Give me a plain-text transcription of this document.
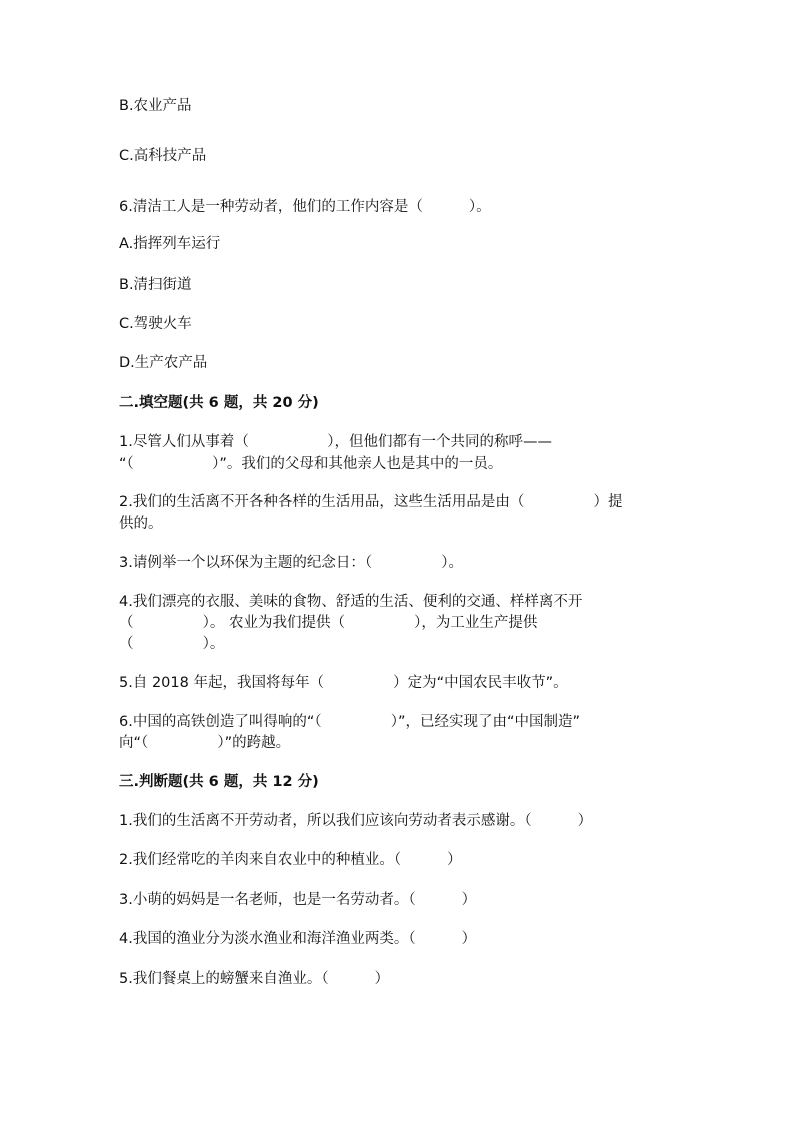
B.农业产品
C.高科技产品
6.清洁工人是一种劳动者，他们的工作内容是（          ）。
A.指挥列车运行
B.清扫街道
C.驾驶火车
D.生产农产品
二.填空题(共 6 题，共 20 分)
1.尽管人们从事着（                 ），但他们都有一个共同的称呼——
“（                 ）”。我们的父母和其他亲人也是其中的一员。
2.我们的生活离不开各种各样的生活用品，这些生活用品是由（               ）提
供的。
3.请例举一个以环保为主题的纪念日：（               ）。
4.我们漂亮的衣服、美味的食物、舒适的生活、便利的交通、样样离不开
（               ）。 农业为我们提供（               ），为工业生产提供
（               ）。
5.自 2018 年起，我国将每年（               ）定为“中国农民丰收节”。
6.中国的高铁创造了叫得响的“（               ）”，已经实现了由“中国制造”
向“（               ）”的跨越。
三.判断题(共 6 题，共 12 分)
1.我们的生活离不开劳动者，所以我们应该向劳动者表示感谢。（          ）
2.我们经常吃的羊肉来自农业中的种植业。（          ）
3.小萌的妈妈是一名老师，也是一名劳动者。（          ）
4.我国的渔业分为淡水渔业和海洋渔业两类。（          ）
5.我们餐桌上的螃蟹来自渔业。（          ）
